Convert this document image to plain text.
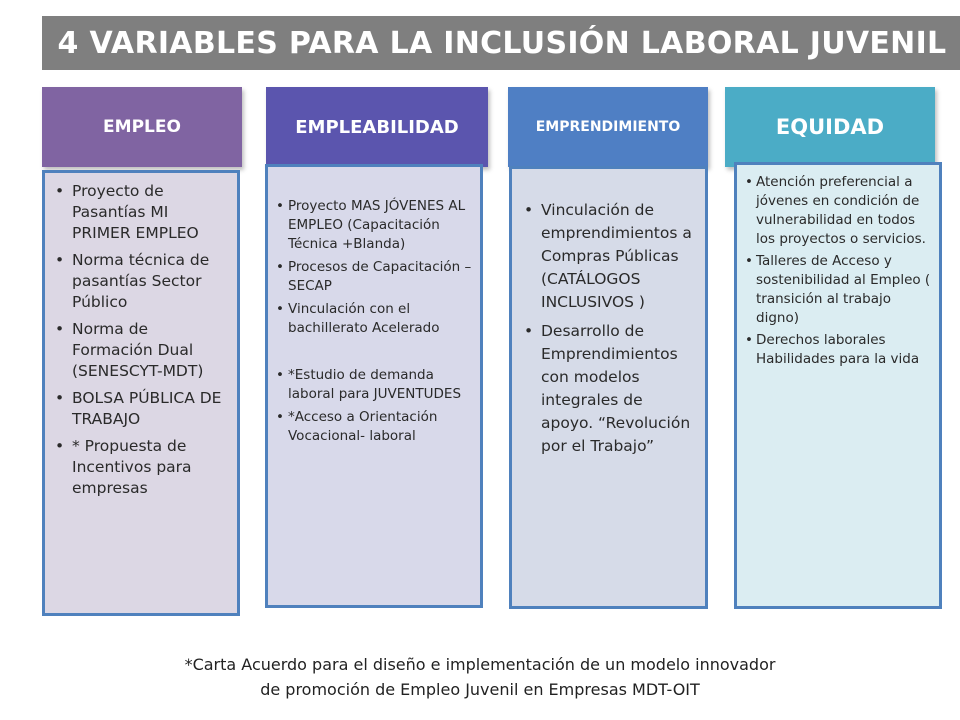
4 VARIABLES PARA LA INCLUSIÓN LABORAL JUVENIL
EMPLEO
• Proyecto de Pasantías MI PRIMER EMPLEO
• Norma técnica de pasantías Sector Público
• Norma de Formación Dual (SENESCYT-MDT)
• BOLSA PÚBLICA DE TRABAJO
• * Propuesta de Incentivos para empresas
EMPLEABILIDAD
• Proyecto MAS JÓVENES AL EMPLEO (Capacitación Técnica +Blanda)
• Procesos de Capacitación –SECAP
• Vinculación con el bachillerato Acelerado
• *Estudio de demanda laboral para JUVENTUDES
• *Acceso a Orientación Vocacional- laboral
EMPRENDIMIENTO
• Vinculación de emprendimientos a Compras Públicas (CATÁLOGOS INCLUSIVOS )
• Desarrollo de Emprendimientos con modelos integrales de apoyo. “Revolución por el Trabajo”
EQUIDAD
• Atención preferencial a jóvenes en condición de vulnerabilidad en todos los proyectos o servicios.
• Talleres de Acceso y sostenibilidad al Empleo ( transición al trabajo digno)
• Derechos laborales Habilidades para la vida
*Carta Acuerdo para el diseño e implementación de un modelo innovador
de promoción de Empleo Juvenil en Empresas MDT-OIT
